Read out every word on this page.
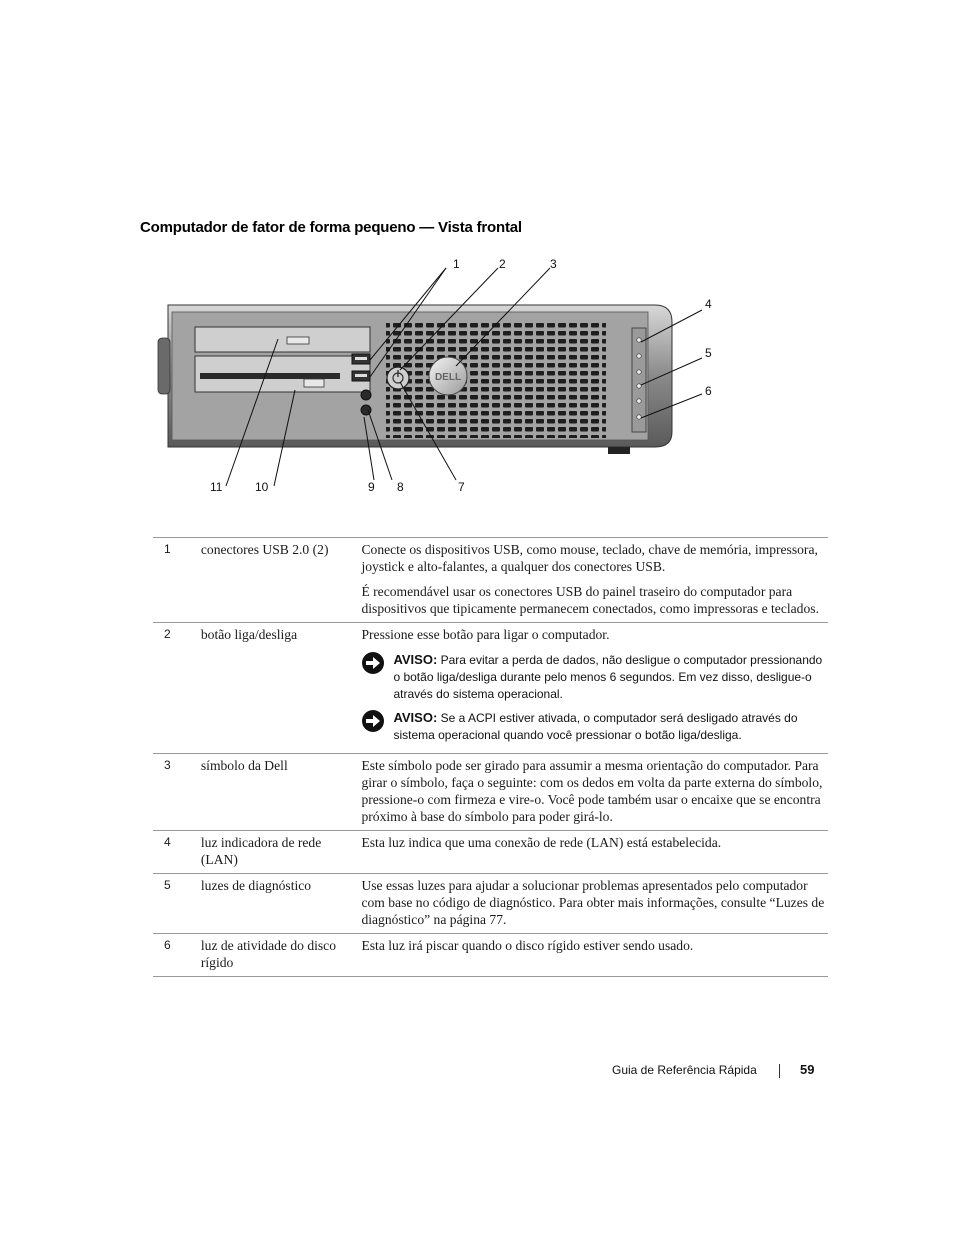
Computador de fator de forma pequeno — Vista frontal
DELL
1	2	3
4
5
6
7
8
9
10
11
1	conectores USB 2.0 (2)	Conecte os dispositivos USB, como mouse, teclado, chave de memória, impressora, joystick e alto-falantes, a qualquer dos conectores USB.

É recomendável usar os conectores USB do painel traseiro do computador para dispositivos que tipicamente permanecem conectados, como impressoras e teclados.

2	botão liga/desliga	Pressione esse botão para ligar o computador.

AVISO: Para evitar a perda de dados, não desligue o computador pressionando o botão liga/desliga durante pelo menos 6 segundos. Em vez disso, desligue-o através do sistema operacional.
AVISO: Se a ACPI estiver ativada, o computador será desligado através do sistema operacional quando você pressionar o botão liga/desliga.

3	símbolo da Dell	Este símbolo pode ser girado para assumir a mesma orientação do computador. Para girar o símbolo, faça o seguinte: com os dedos em volta da parte externa do símbolo, pressione-o com firmeza e vire-o. Você pode também usar o encaixe que se encontra próximo à base do símbolo para poder girá-lo.

4	luz indicadora de rede (LAN)	Esta luz indica que uma conexão de rede (LAN) está estabelecida.

5	luzes de diagnóstico	Use essas luzes para ajudar a solucionar problemas apresentados pelo computador com base no código de diagnóstico. Para obter mais informações, consulte “Luzes de diagnóstico” na página 77.

6	luz de atividade do disco rígido	Esta luz irá piscar quando o disco rígido estiver sendo usado.

Guia de Referência Rápida	59
